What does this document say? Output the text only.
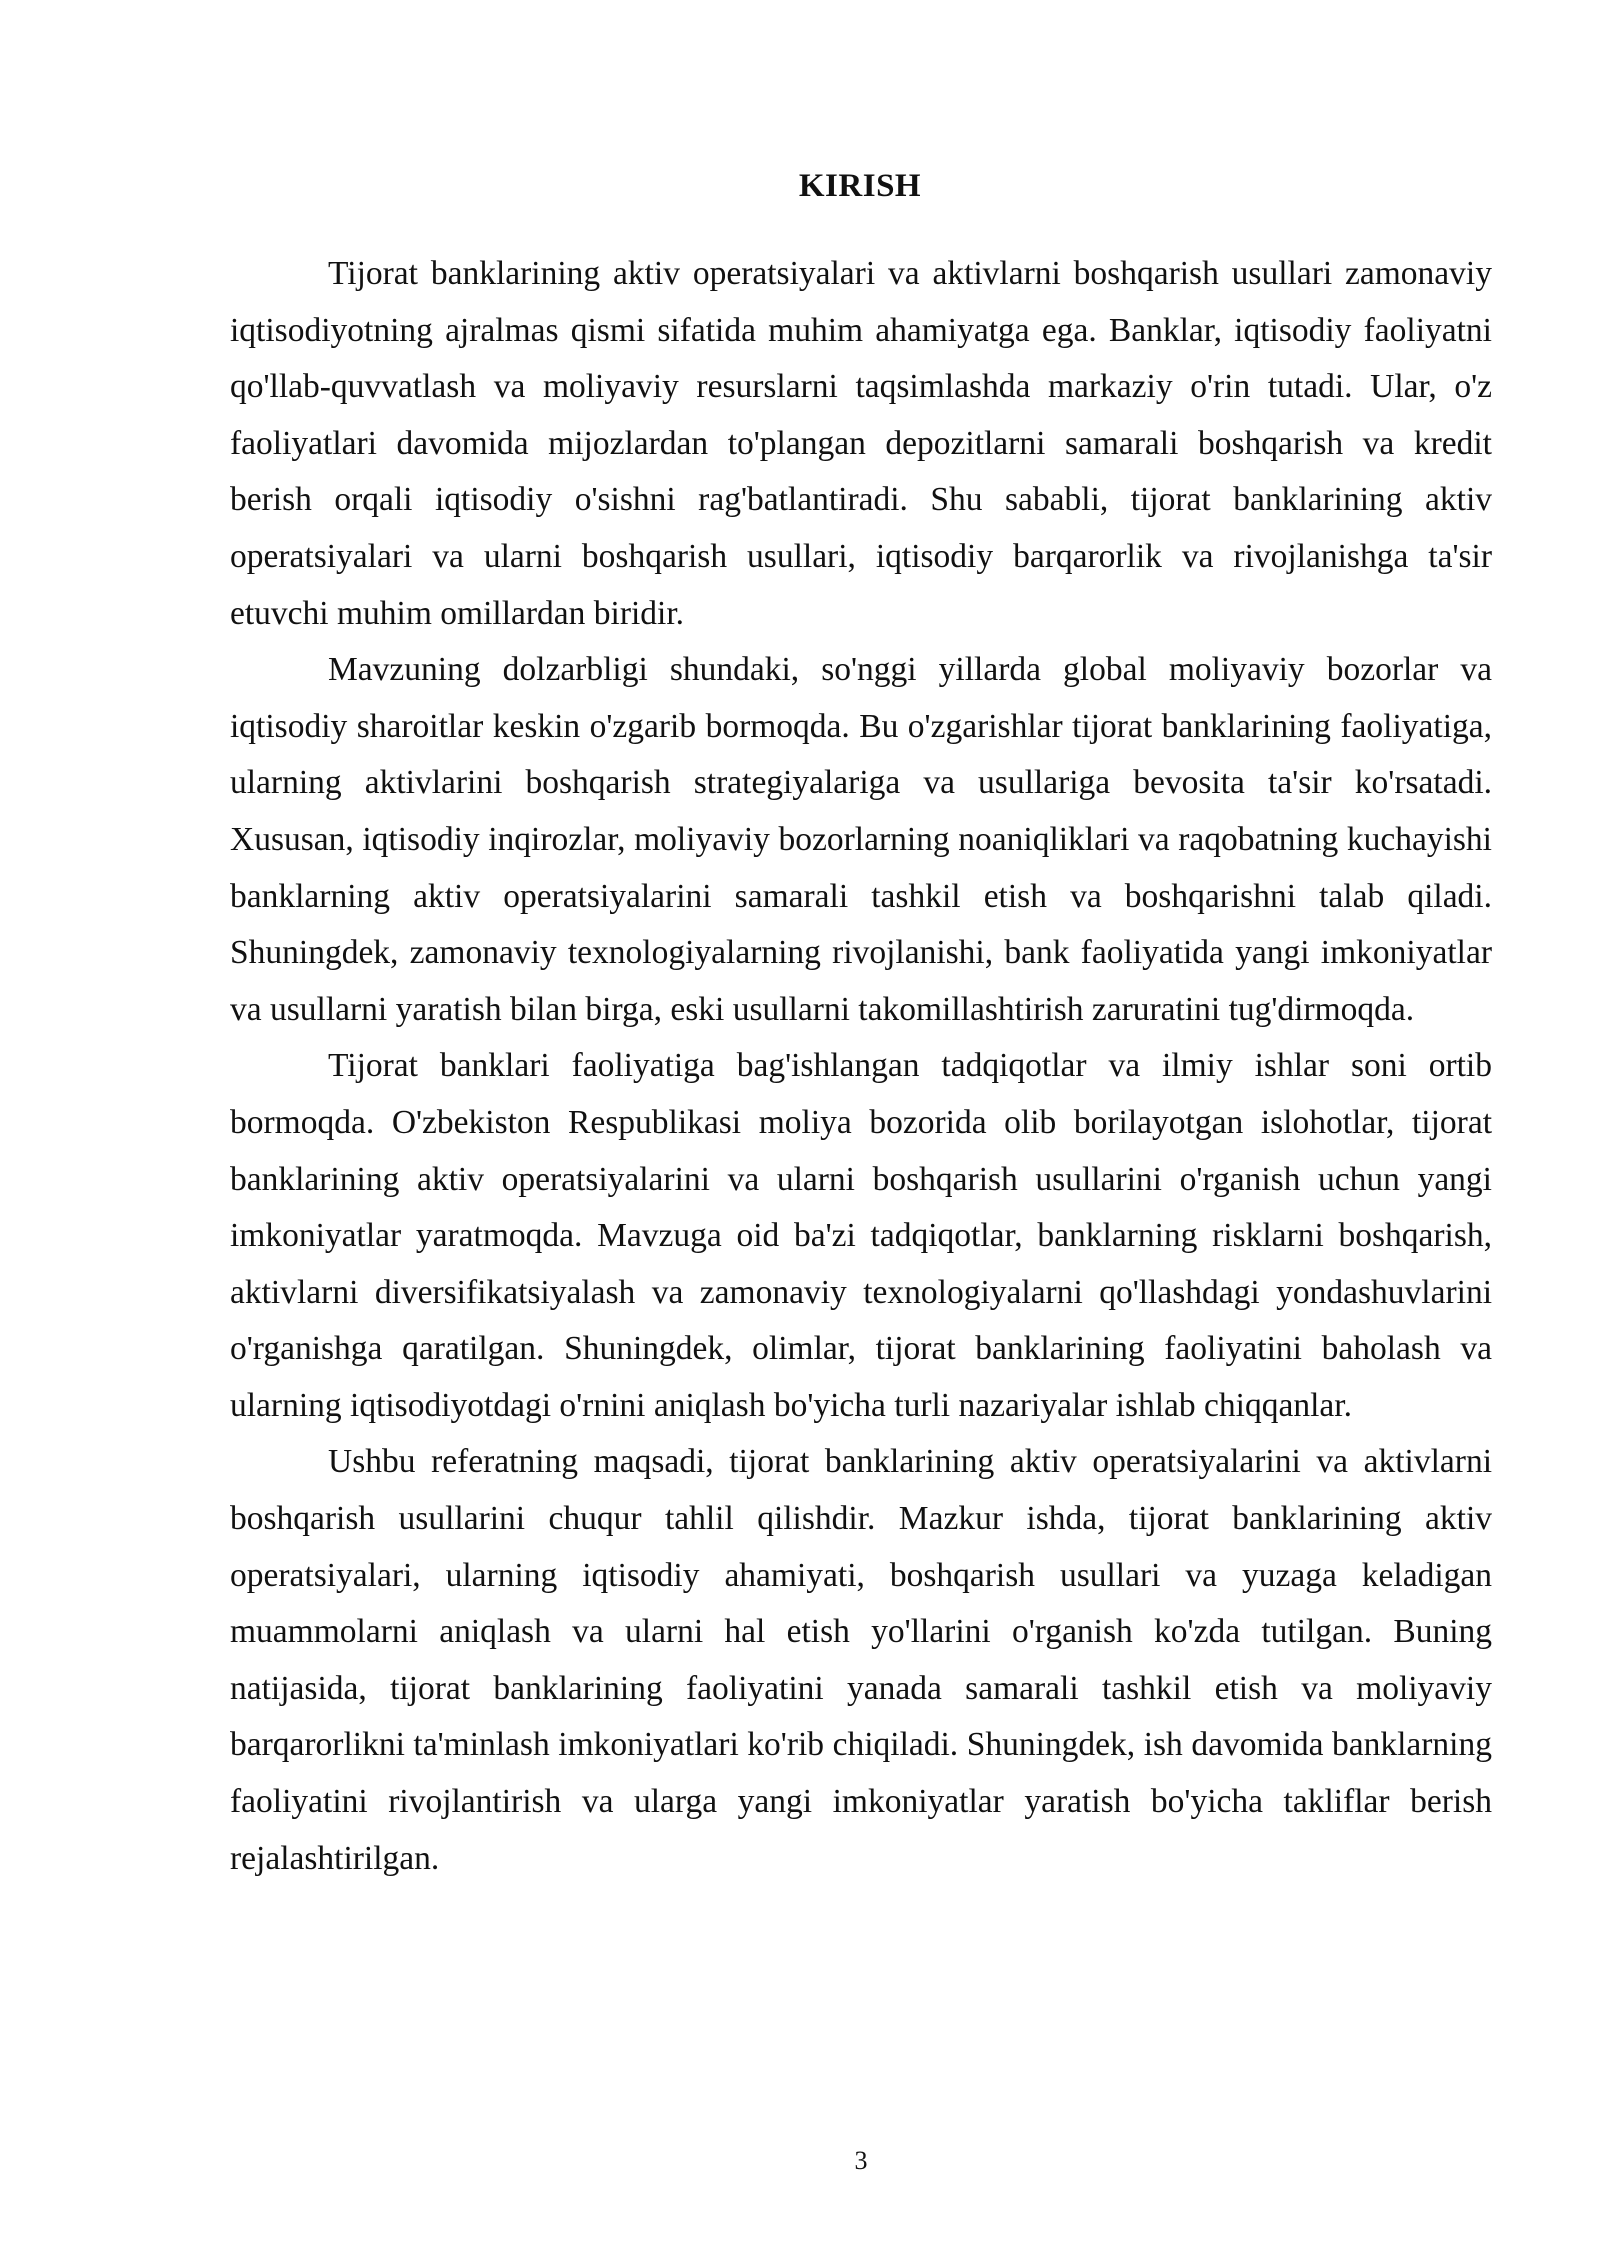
KIRISH

Tijorat banklarining aktiv operatsiyalari va aktivlarni boshqarish usullari zamonaviy iqtisodiyotning ajralmas qismi sifatida muhim ahamiyatga ega. Banklar, iqtisodiy faoliyatni qo'llab-quvvatlash va moliyaviy resurslarni taqsimlashda markaziy o'rin tutadi. Ular, o'z faoliyatlari davomida mijozlardan to'plangan depozitlarni samarali boshqarish va kredit berish orqali iqtisodiy o'sishni rag'batlantiradi. Shu sababli, tijorat banklarining aktiv operatsiyalari va ularni boshqarish usullari, iqtisodiy barqarorlik va rivojlanishga ta'sir etuvchi muhim omillardan biridir.

Mavzuning dolzarbligi shundaki, so'nggi yillarda global moliyaviy bozorlar va iqtisodiy sharoitlar keskin o'zgarib bormoqda. Bu o'zgarishlar tijorat banklarining faoliyatiga, ularning aktivlarini boshqarish strategiyalariga va usullariga bevosita ta'sir ko'rsatadi. Xususan, iqtisodiy inqirozlar, moliyaviy bozorlarning noaniqliklari va raqobatning kuchayishi banklarning aktiv operatsiyalarini samarali tashkil etish va boshqarishni talab qiladi. Shuningdek, zamonaviy texnologiyalarning rivojlanishi, bank faoliyatida yangi imkoniyatlar va usullarni yaratish bilan birga, eski usullarni takomillashtirish zaruratini tug'dirmoqda.

Tijorat banklari faoliyatiga bag'ishlangan tadqiqotlar va ilmiy ishlar soni ortib bormoqda. O'zbekiston Respublikasi moliya bozorida olib borilayotgan islohotlar, tijorat banklarining aktiv operatsiyalarini va ularni boshqarish usullarini o'rganish uchun yangi imkoniyatlar yaratmoqda. Mavzuga oid ba'zi tadqiqotlar, banklarning risklarni boshqarish, aktivlarni diversifikatsiyalash va zamonaviy texnologiyalarni qo'llashdagi yondashuvlarini o'rganishga qaratilgan. Shuningdek, olimlar, tijorat banklarining faoliyatini baholash va ularning iqtisodiyotdagi o'rnini aniqlash bo'yicha turli nazariyalar ishlab chiqqanlar.

Ushbu referatning maqsadi, tijorat banklarining aktiv operatsiyalarini va aktivlarni boshqarish usullarini chuqur tahlil qilishdir. Mazkur ishda, tijorat banklarining aktiv operatsiyalari, ularning iqtisodiy ahamiyati, boshqarish usullari va yuzaga keladigan muammolarni aniqlash va ularni hal etish yo'llarini o'rganish ko'zda tutilgan. Buning natijasida, tijorat banklarining faoliyatini yanada samarali tashkil etish va moliyaviy barqarorlikni ta'minlash imkoniyatlari ko'rib chiqiladi. Shuningdek, ish davomida banklarning faoliyatini rivojlantirish va ularga yangi imkoniyatlar yaratish bo'yicha takliflar berish rejalashtirilgan.

3
